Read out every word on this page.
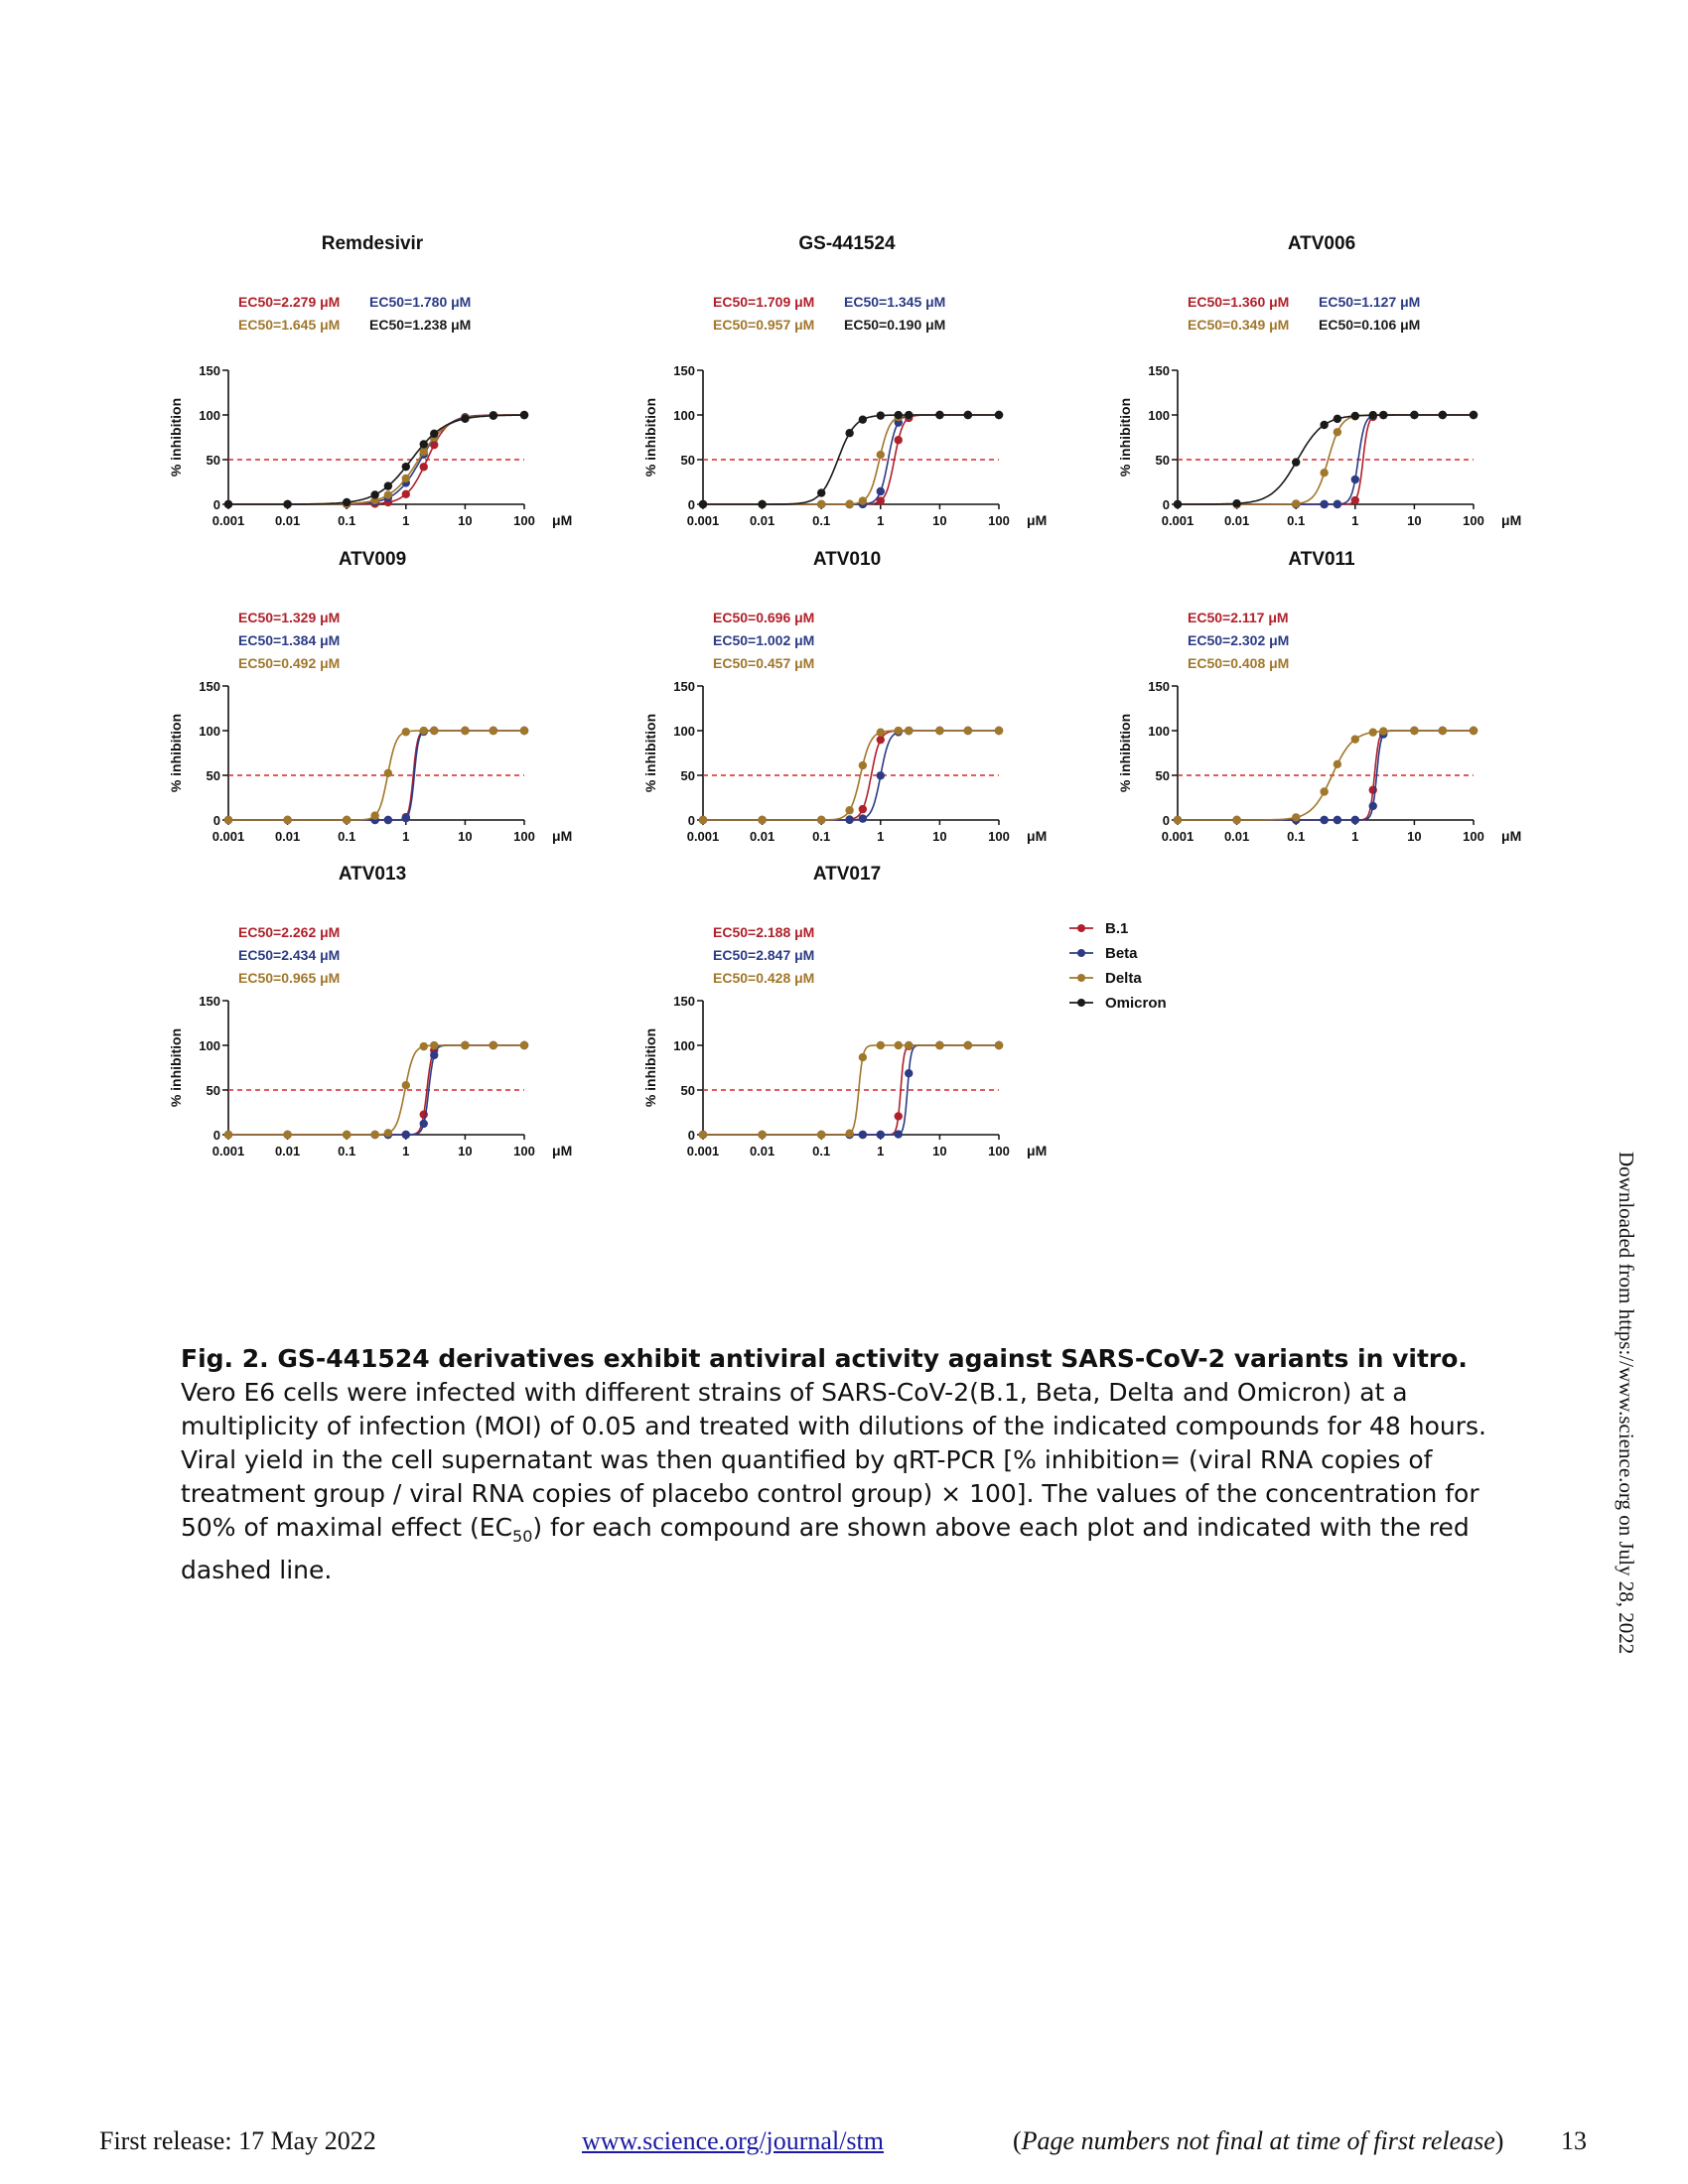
Remdesivir
0
50
100
150
% inhibition
0.001 0.01	0.1	1	10	100 μM
EC50=2.279 μM EC50=1.780 μM
EC50=1.645 μM EC50=1.238 μM
GS-441524
0
50
100
150
% inhibition
0.001 0.01	0.1	1	10	100 μM
EC50=1.709 μM EC50=1.345 μM
EC50=0.957 μM EC50=0.190 μM
ATV006
0
50
100
150
% inhibition
0.001 0.01	0.1	1	10	100 μM
EC50=1.360 μM EC50=1.127 μM
EC50=0.349 μM EC50=0.106 μM
ATV009
0
50
100
150
% inhibition
0.001 0.01	0.1	1	10	100 μM
EC50=1.329 μM
EC50=1.384 μM
EC50=0.492 μM
ATV010
0
50
100
150
% inhibition
0.001 0.01	0.1	1	10	100 μM
EC50=0.696 μM
EC50=1.002 μM
EC50=0.457 μM
ATV011
0
50
100
150
% inhibition
0.001 0.01	0.1	1	10	100 μM
EC50=2.117 μM
EC50=2.302 μM
EC50=0.408 μM
ATV013
0
50
100
150
% inhibition
0.001 0.01	0.1	1	10	100 μM
EC50=2.262 μM
EC50=2.434 μM
EC50=0.965 μM
ATV017
0
50
100
150
% inhibition
0.001 0.01	0.1	1	10	100 μM
EC50=2.188 μM
EC50=2.847 μM
EC50=0.428 μM
B.1
Beta
Delta
Omicron
Fig. 2. GS-441524 derivatives exhibit antiviral activity against SARS-CoV-2 variants in vitro. Vero E6 cells were infected with different strains of SARS-CoV-2(B.1, Beta, Delta and Omicron) at a multiplicity of infection (MOI) of 0.05 and treated with dilutions of the indicated compounds for 48 hours. Viral yield in the cell supernatant was then quantified by qRT-PCR [% inhibition= (viral RNA copies of treatment group / viral RNA copies of placebo control group) × 100]. The values of the concentration for 50% of maximal effect $(EC_{50})$ for each compound are shown above each plot and indicated with the red dashed line.	Downloaded from https://www.science.org on July 28, 2022
First release: 17 May 2022	www.science.org/journal/stm	(Page numbers not final at time of first release) 13
